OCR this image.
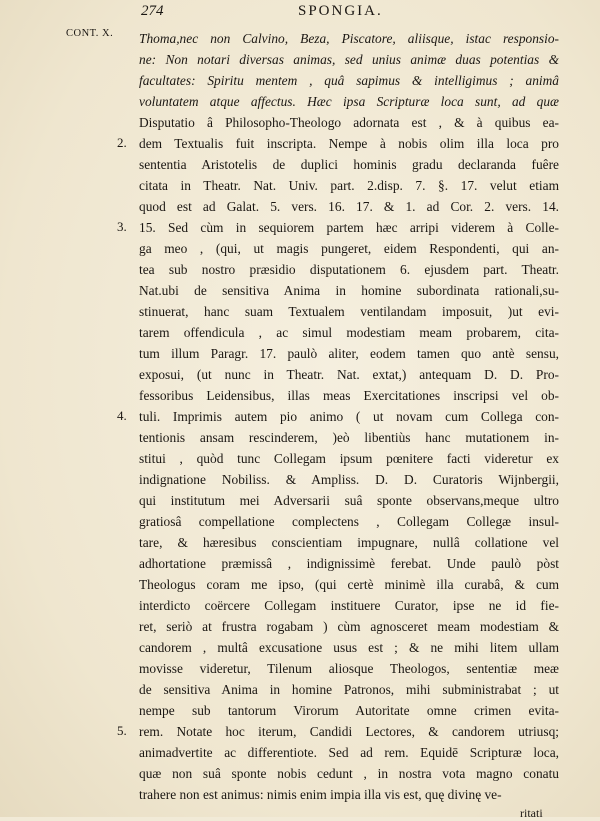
274	SPONGIA.
CONT. X.
2.
3.
4.
5.
Thoma,nec non Calvino, Beza, Piscatore, aliisque, istac responsio-
ne: Non notari diversas animas, sed unius animæ duas potentias &
facultates: Spiritu mentem , quâ sapimus & intelligimus ; animâ
voluntatem atque affectus. Hæc ipsa Scripturæ loca sunt, ad quæ
Disputatio â Philosopho-Theologo adornata est , & à quibus ea-
dem Textualis fuit inscripta. Nempe à nobis olim illa loca pro
sententia Aristotelis de duplici hominis gradu declaranda fuêre
citata in Theatr. Nat. Univ. part. 2.disp. 7. §. 17. velut etiam
quod est ad Galat. 5. vers. 16. 17. & 1. ad Cor. 2. vers. 14.
15. Sed cùm in sequiorem partem hæc arripi viderem à Colle-
ga meo , (qui, ut magis pungeret, eidem Respondenti, qui an-
tea sub nostro præsidio disputationem 6. ejusdem part. Theatr.
Nat.ubi de sensitiva Anima in homine subordinata rationali,su-
stinuerat, hanc suam Textualem ventilandam imposuit, )ut evi-
tarem offendicula , ac simul modestiam meam probarem, cita-
tum illum Paragr. 17. paulò aliter, eodem tamen quo antè sensu,
exposui, (ut nunc in Theatr. Nat. extat,) antequam D. D. Pro-
fessoribus Leidensibus, illas meas Exercitationes inscripsi vel ob-
tuli. Imprimis autem pio animo ( ut novam cum Collega con-
tentionis ansam rescinderem, )eò libentiùs hanc mutationem in-
stitui , quòd tunc Collegam ipsum pœnitere facti videretur ex
indignatione Nobiliss. & Ampliss. D. D. Curatoris Wijnbergii,
qui institutum mei Adversarii suâ sponte observans,meque ultro
gratiosâ compellatione complectens , Collegam Collegæ insul-
tare, & hæresibus conscientiam impugnare, nullâ collatione vel
adhortatione præmissâ , indignissimè ferebat. Unde paulò pòst
Theologus coram me ipso, (qui certè minimè illa curabâ, & cum
interdicto coërcere Collegam instituere Curator, ipse ne id fie-
ret, seriò at frustra rogabam ) cùm agnosceret meam modestiam &
candorem , multâ excusatione usus est ; & ne mihi litem ullam
movisse videretur, Tilenum aliosque Theologos, sententiæ meæ
de sensitiva Anima in homine Patronos, mihi subministrabat ; ut
nempe sub tantorum Virorum Autoritate omne crimen evita-
rem. Notate hoc iterum, Candidi Lectores, & candorem utriusq;
animadvertite ac differentiote. Sed ad rem. Equidē Scripturæ loca,
quæ non suâ sponte nobis cedunt , in nostra vota magno conatu
trahere non est animus: nimis enim impia illa vis est, quę divinę ve-
ritati
